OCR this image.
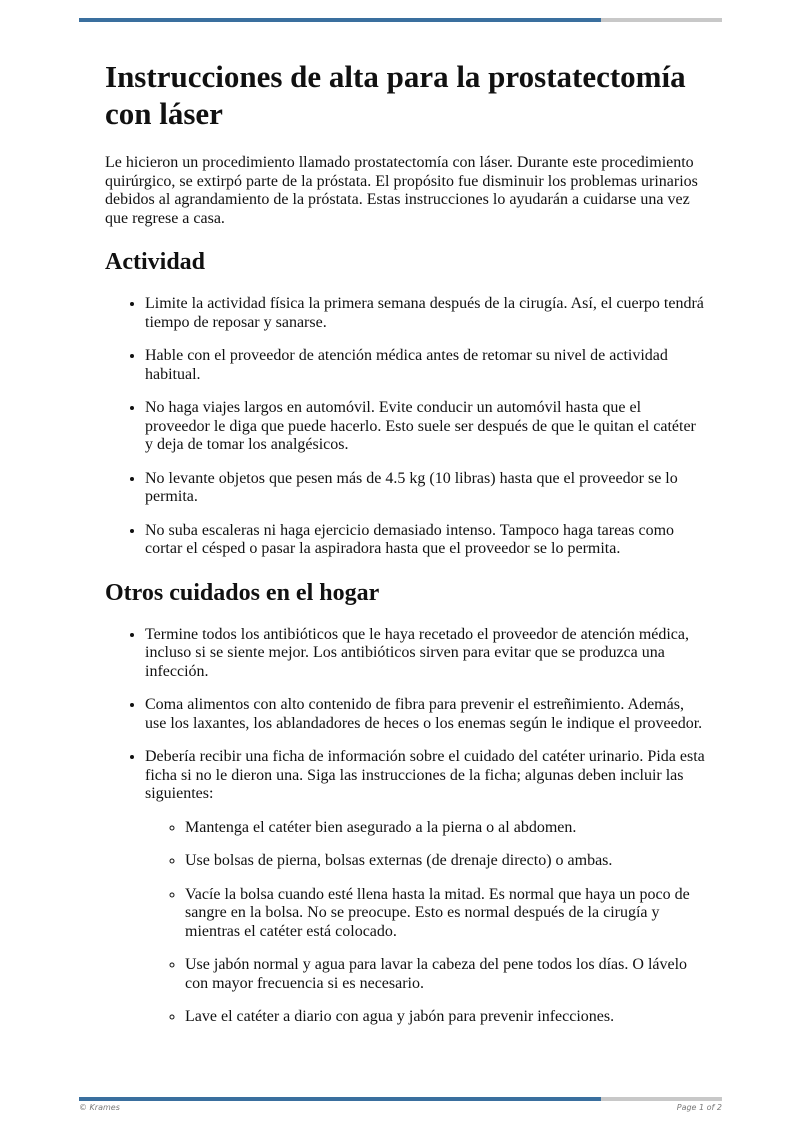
Instrucciones de alta para la prostatectomía con láser

Le hicieron un procedimiento llamado prostatectomía con láser. Durante este procedimiento quirúrgico, se extirpó parte de la próstata. El propósito fue disminuir los problemas urinarios debidos al agrandamiento de la próstata. Estas instrucciones lo ayudarán a cuidarse una vez que regrese a casa.

Actividad
• Limite la actividad física la primera semana después de la cirugía. Así, el cuerpo tendrá tiempo de reposar y sanarse.
• Hable con el proveedor de atención médica antes de retomar su nivel de actividad habitual.
• No haga viajes largos en automóvil. Evite conducir un automóvil hasta que el proveedor le diga que puede hacerlo. Esto suele ser después de que le quitan el catéter y deja de tomar los analgésicos.
• No levante objetos que pesen más de 4.5 kg (10 libras) hasta que el proveedor se lo permita.
• No suba escaleras ni haga ejercicio demasiado intenso. Tampoco haga tareas como cortar el césped o pasar la aspiradora hasta que el proveedor se lo permita.
Otros cuidados en el hogar
• Termine todos los antibióticos que le haya recetado el proveedor de atención médica, incluso si se siente mejor. Los antibióticos sirven para evitar que se produzca una infección.
• Coma alimentos con alto contenido de fibra para prevenir el estreñimiento. Además, use los laxantes, los ablandadores de heces o los enemas según le indique el proveedor.
• Debería recibir una ficha de información sobre el cuidado del catéter urinario. Pida esta ficha si no le dieron una. Siga las instrucciones de la ficha; algunas deben incluir las siguientes:
◦ Mantenga el catéter bien asegurado a la pierna o al abdomen.
◦ Use bolsas de pierna, bolsas externas (de drenaje directo) o ambas.
◦ Vacíe la bolsa cuando esté llena hasta la mitad. Es normal que haya un poco de sangre en la bolsa. No se preocupe. Esto es normal después de la cirugía y mientras el catéter está colocado.
◦ Use jabón normal y agua para lavar la cabeza del pene todos los días. O lávelo con mayor frecuencia si es necesario.
◦ Lave el catéter a diario con agua y jabón para prevenir infecciones.
© Krames	Page 1 of 2
